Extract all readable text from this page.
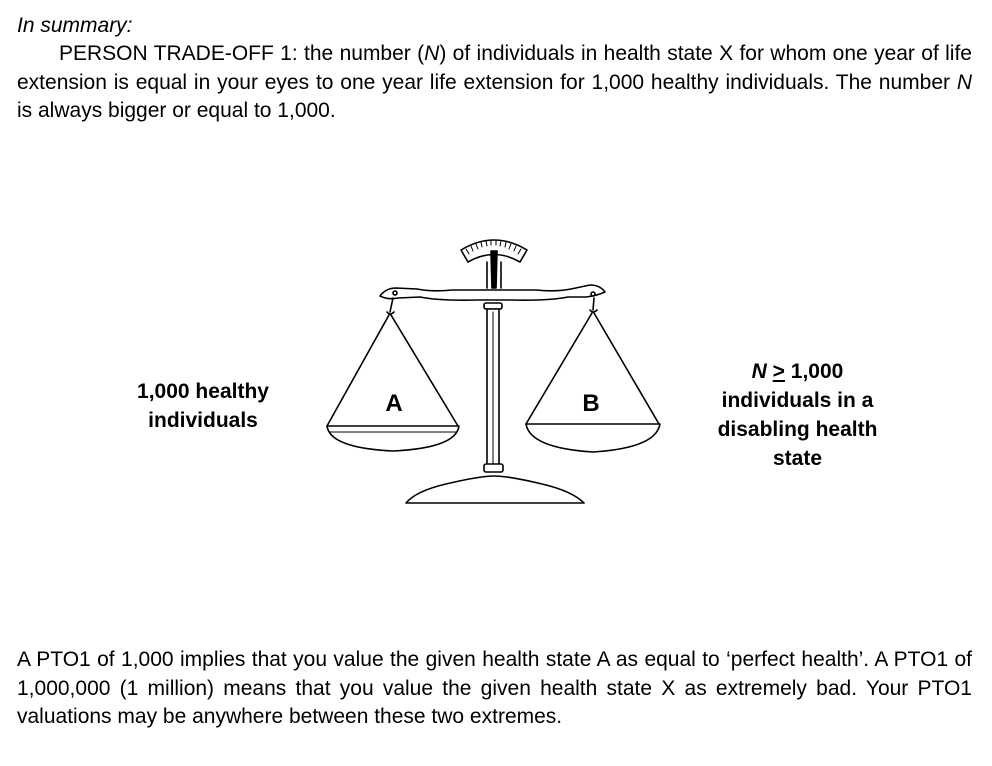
In summary:

PERSON TRADE-OFF 1: the number (N) of individuals in health state X for whom one year of life extension is equal in your eyes to one year life extension for 1,000 healthy individuals. The number N is always bigger or equal to 1,000.

A	B
1,000 healthy individuals
N ≥ 1,000
individuals in a disabling health state

A PTO1 of 1,000 implies that you value the given health state A as equal to ‘perfect health’. A PTO1 of 1,000,000 (1 million) means that you value the given health state X as extremely bad. Your PTO1 valuations may be anywhere between these two extremes.
